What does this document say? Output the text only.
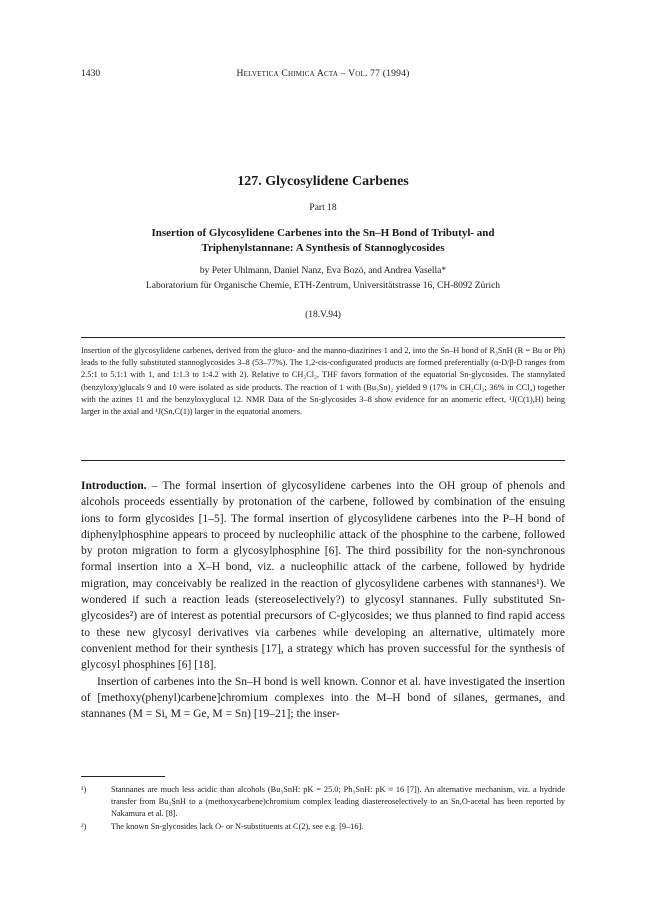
1430	Helvetica Chimica Acta – Vol. 77 (1994)
127. Glycosylidene Carbenes
Part 18
Insertion of Glycosylidene Carbenes into the Sn–H Bond of Tributyl- and Triphenylstannane: A Synthesis of Stannoglycosides
by Peter Uhlmann, Daniel Nanz, Eva Bozó, and Andrea Vasella*
Laboratorium für Organische Chemie, ETH-Zentrum, Universitätstrasse 16, CH-8092 Zürich
(18.V.94)

Insertion of the glycosylidene carbenes, derived from the gluco- and the manno-diazirines 1 and 2, into the Sn–H bond of R₃SnH (R = Bu or Ph) leads to the fully substituted stannoglycosides 3–8 (53–77%). The 1,2-cis-configurated products are formed preferentially (α-D/β-D ranges from 2.5:1 to 5.1:1 with 1, and 1:1.3 to 1:4.2 with 2). Relative to CH₂Cl₂, THF favors formation of the equatorial Sn-glycosides. The stannylated (benzyloxy)glucals 9 and 10 were isolated as side products. The reaction of 1 with (Bu₃Sn)₂ yielded 9 (17% in CH₂Cl₂; 36% in CCl₄) together with the azines 11 and the benzyloxyglucal 12. NMR Data of the Sn-glycosides 3–8 show evidence for an anomeric effect, ¹J(C(1),H) being larger in the axial and ¹J(Sn,C(1)) larger in the equatorial anomers.

Introduction. – The formal insertion of glycosylidene carbenes into the OH group of phenols and alcohols proceeds essentially by protonation of the carbene, followed by combination of the ensuing ions to form glycosides [1–5]. The formal insertion of glycosylidene carbenes into the P–H bond of diphenylphosphine appears to proceed by nucleophilic attack of the phosphine to the carbene, followed by proton migration to form a glycosylphosphine [6]. The third possibility for the non-synchronous formal insertion into a X–H bond, viz. a nucleophilic attack of the carbene, followed by hydride migration, may conceivably be realized in the reaction of glycosylidene carbenes with stannanes¹). We wondered if such a reaction leads (stereoselectively?) to glycosyl stannanes. Fully substituted Sn-glycosides²) are of interest as potential precursors of C-glycosides; we thus planned to find rapid access to these new glycosyl derivatives via carbenes while developing an alternative, ultimately more convenient method for their synthesis [17], a strategy which has proven successful for the synthesis of glycosyl phosphines [6] [18].

Insertion of carbenes into the Sn–H bond is well known. Connor et al. have investigated the insertion of [methoxy(phenyl)carbene]chromium complexes into the M–H bond of silanes, germanes, and stannanes (M = Si, M = Ge, M = Sn) [19–21]; the inser-

¹)	Stannanes are much less acidic than alcohols (Bu₃SnH: pK = 25.0; Ph₃SnH: pK ≈ 16 [7]). An alternative mechanism, viz. a hydride transfer from Bu₃SnH to a (methoxycarbene)chromium complex leading diastereoselectively to an Sn,O-acetal has been reported by Nakamura et al. [8].
²)	The known Sn-glycosides lack O- or N-substituents at C(2), see e.g. [9–16].
